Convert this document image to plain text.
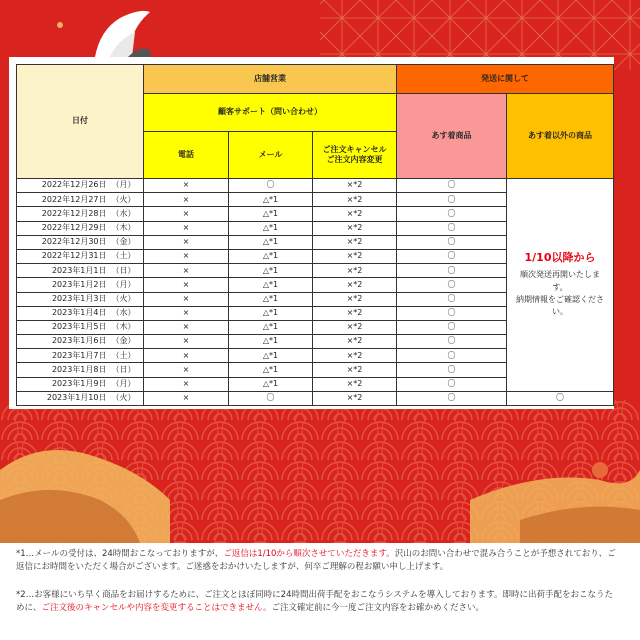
日付		店舗営業			発送に関して	
		顧客サポート（問い合わせ）			あす着商品	あす着以外の商品
		電話	メール	ご注文キャンセル
ご注文内容変更		
2022年12月26日	（月）	×	〇	×*2	〇	1/10以降から
順次発送再開いたします。
納期情報をご確認くださ
い。

2022年12月27日	（火）	×	△*1	×*2	〇	
2022年12月28日	（水）	×	△*1	×*2	〇	
2022年12月29日	（木）	×	△*1	×*2	〇	
2022年12月30日	（金）	×	△*1	×*2	〇	
2022年12月31日	（土）	×	△*1	×*2	〇	
2023年1月1日	（日）	×	△*1	×*2	〇	
2023年1月2日	（月）	×	△*1	×*2	〇	
2023年1月3日	（火）	×	△*1	×*2	〇	
2023年1月4日	（水）	×	△*1	×*2	〇	
2023年1月5日	（木）	×	△*1	×*2	〇	
2023年1月6日	（金）	×	△*1	×*2	〇	
2023年1月7日	（土）	×	△*1	×*2	〇	
2023年1月8日	（日）	×	△*1	×*2	〇	
2023年1月9日	（月）	×	△*1	×*2	〇	
2023年1月10日	（火）	×	〇	×*2	〇	〇
*1…メールの受付は、24時間おこなっておりますが、ご返信は1/10から順次させていただきます。沢山のお問い合わせで混み合うことが予想されており、ご返信にお時間をいただく場合がございます。ご迷惑をおかけいたしますが、何卒ご理解の程お願い申し上げます。
*2…お客様にいち早く商品をお届けするために、ご注文とほぼ同時に24時間出荷手配をおこなうシステムを導入しております。即時に出荷手配をおこなうために、ご注文後のキャンセルや内容を変更することはできません。ご注文確定前に今一度ご注文内容をお確かめください。
